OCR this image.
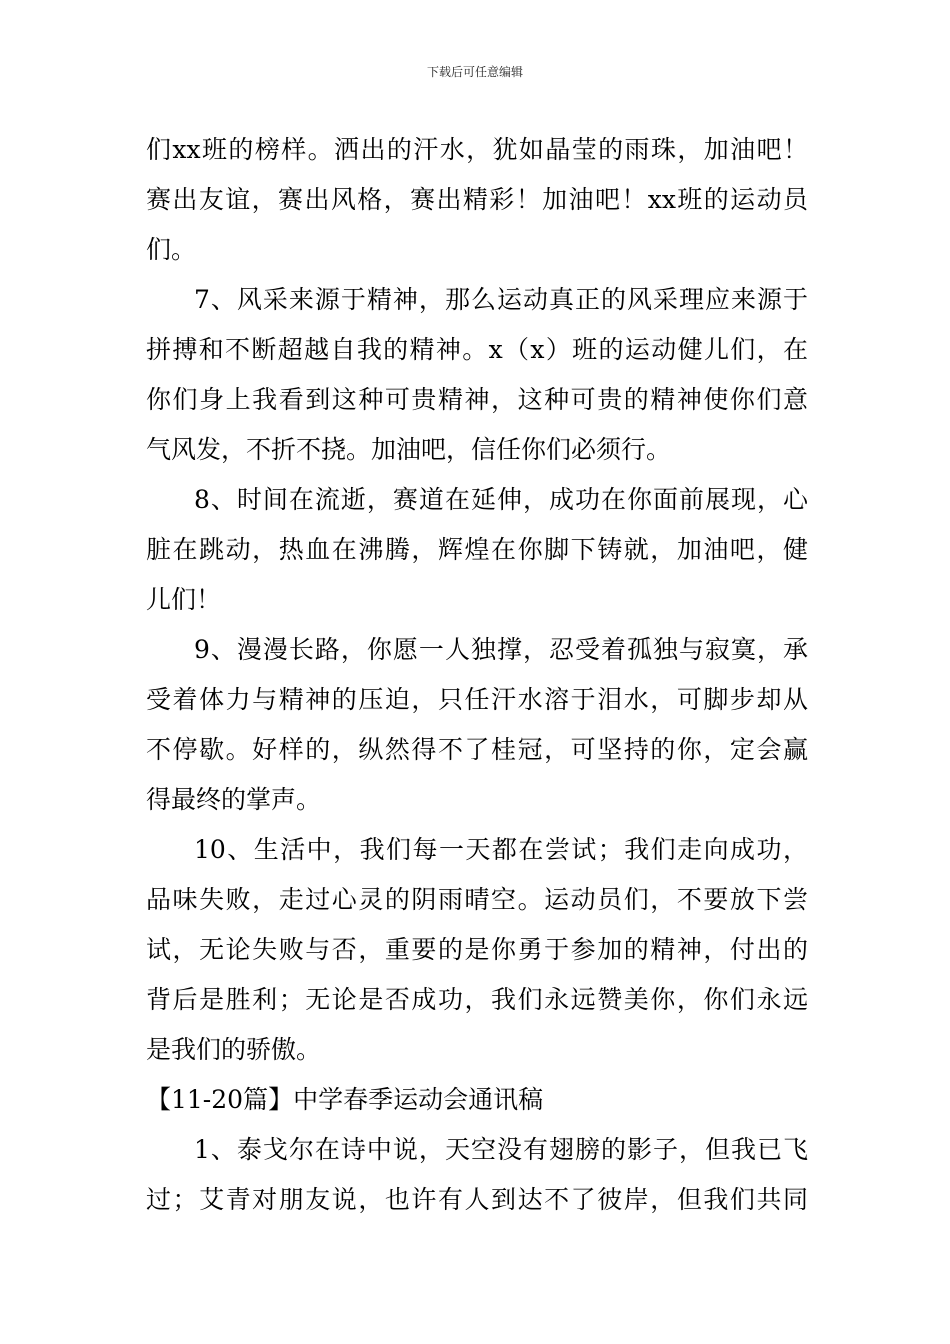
下载后可任意编辑
们xx班的榜样。洒出的汗水，犹如晶莹的雨珠，加油吧！
赛出友谊，赛出风格，赛出精彩！加油吧！xx班的运动员
们。
7、风采来源于精神，那么运动真正的风采理应来源于
拼搏和不断超越自我的精神。x（x）班的运动健儿们，在
你们身上我看到这种可贵精神，这种可贵的精神使你们意
气风发，不折不挠。加油吧，信任你们必须行。
8、时间在流逝，赛道在延伸，成功在你面前展现，心
脏在跳动，热血在沸腾，辉煌在你脚下铸就，加油吧，健
儿们！
9、漫漫长路，你愿一人独撑，忍受着孤独与寂寞，承
受着体力与精神的压迫，只任汗水溶于泪水，可脚步却从
不停歇。好样的，纵然得不了桂冠，可坚持的你，定会赢
得最终的掌声。
10、生活中，我们每一天都在尝试；我们走向成功，
品味失败，走过心灵的阴雨晴空。运动员们，不要放下尝
试，无论失败与否，重要的是你勇于参加的精神，付出的
背后是胜利；无论是否成功，我们永远赞美你，你们永远
是我们的骄傲。
【11-20篇】中学春季运动会通讯稿
1、泰戈尔在诗中说，天空没有翅膀的影子，但我已飞
过；艾青对朋友说，也许有人到达不了彼岸，但我们共同
